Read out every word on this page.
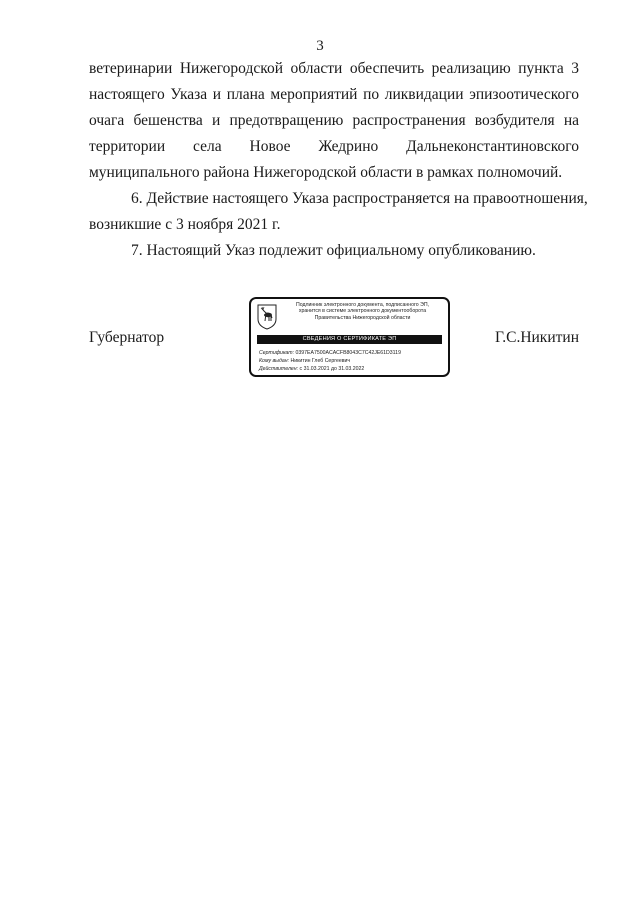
3

ветеринарии Нижегородской области обеспечить реализацию пункта 3
настоящего Указа и плана мероприятий по ликвидации эпизоотического
очага бешенства и предотвращению распространения возбудителя на
территории села Новое Жедрино Дальнеконстантиновского
муниципального района Нижегородской области в рамках полномочий.

6. Действие настоящего Указа распространяется на правоотношения,
возникшие с 3 ноября 2021 г.

7. Настоящий Указ подлежит официальному опубликованию.

Губернатор
Подлинник электронного документа, подписанного ЭП,
хранится в системе электронного документооборота
Правительства Нижегородской области
СВЕДЕНИЯ О СЕРТИФИКАТЕ ЭП
Сертификат: 0397EA7500ACACFB8043C7C42JE61D3119
Кому выдан: Никитин Глеб Сергеевич
Действителен: с 31.03.2021 до 31.03.2022
Г.С.Никитин
